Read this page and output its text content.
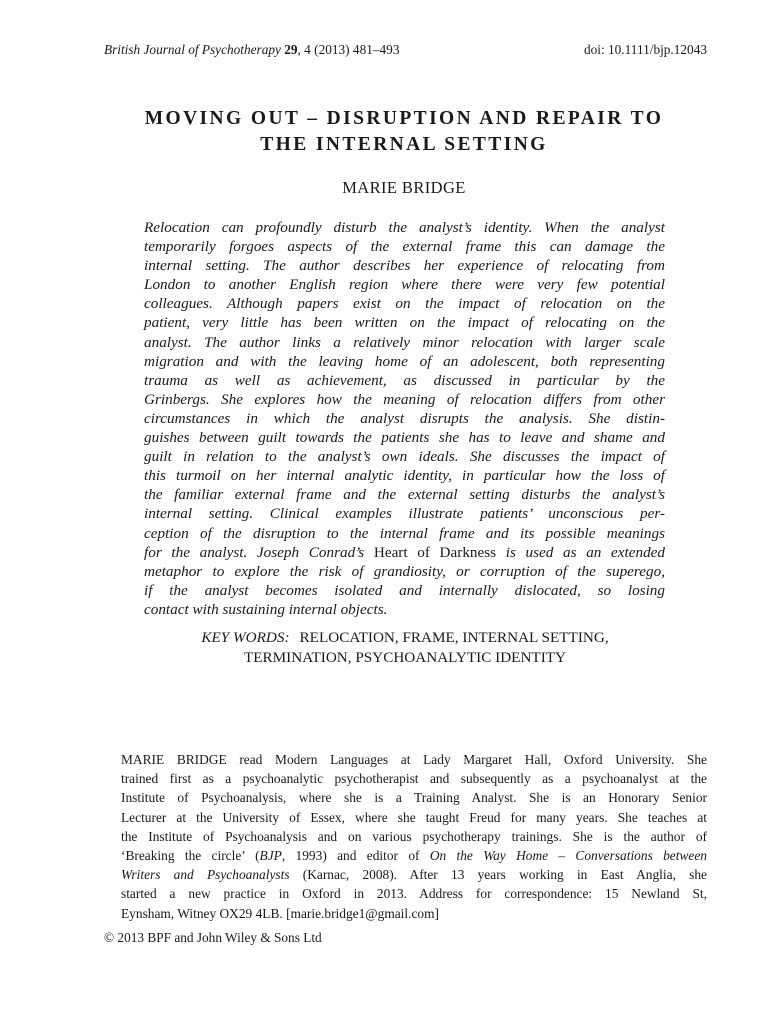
British Journal of Psychotherapy 29, 4 (2013) 481–493	doi: 10.1111/bjp.12043
MOVING OUT – DISRUPTION AND REPAIR TO
THE INTERNAL SETTING
MARIE BRIDGE

Relocation can profoundly disturb the analyst’s identity. When the analyst
temporarily forgoes aspects of the external frame this can damage the
internal setting. The author describes her experience of relocating from
London to another English region where there were very few potential
colleagues. Although papers exist on the impact of relocation on the
patient, very little has been written on the impact of relocating on the
analyst. The author links a relatively minor relocation with larger scale
migration and with the leaving home of an adolescent, both representing
trauma as well as achievement, as discussed in particular by the
Grinbergs. She explores how the meaning of relocation differs from other
circumstances in which the analyst disrupts the analysis. She distin-
guishes between guilt towards the patients she has to leave and shame and
guilt in relation to the analyst’s own ideals. She discusses the impact of
this turmoil on her internal analytic identity, in particular how the loss of
the familiar external frame and the external setting disturbs the analyst’s
internal setting. Clinical examples illustrate patients’ unconscious per-
ception of the disruption to the internal frame and its possible meanings
for the analyst. Joseph Conrad’s Heart of Darkness is used as an extended
metaphor to explore the risk of grandiosity, or corruption of the superego,
if the analyst becomes isolated and internally dislocated, so losing
contact with sustaining internal objects.

KEY WORDS: RELOCATION, FRAME, INTERNAL SETTING,
TERMINATION, PSYCHOANALYTIC IDENTITY
MARIE BRIDGE read Modern Languages at Lady Margaret Hall, Oxford University. She
trained first as a psychoanalytic psychotherapist and subsequently as a psychoanalyst at the
Institute of Psychoanalysis, where she is a Training Analyst. She is an Honorary Senior
Lecturer at the University of Essex, where she taught Freud for many years. She teaches at
the Institute of Psychoanalysis and on various psychotherapy trainings. She is the author of
‘Breaking the circle’ (BJP, 1993) and editor of On the Way Home – Conversations between
Writers and Psychoanalysts (Karnac, 2008). After 13 years working in East Anglia, she
started a new practice in Oxford in 2013. Address for correspondence: 15 Newland St,
Eynsham, Witney OX29 4LB. [marie.bridge1@gmail.com]
© 2013 BPF and John Wiley & Sons Ltd
